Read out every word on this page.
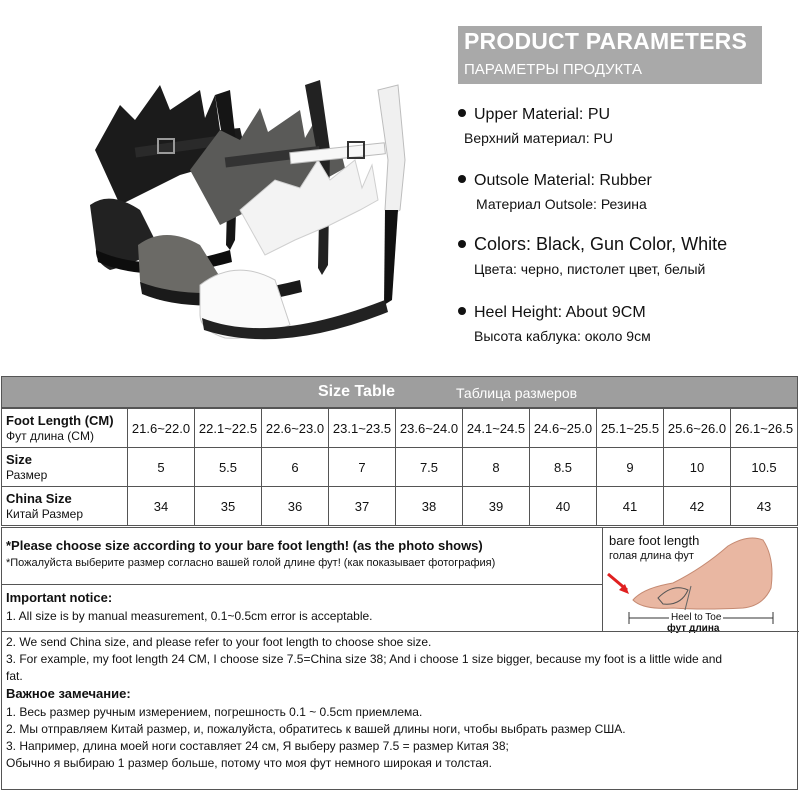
PRODUCT PARAMETERS
ПАРАМЕТРЫ ПРОДУКТА
Upper Material: PU
Верхний материал: PU
Outsole Material: Rubber
Материал Outsole: Резина
Colors: Black, Gun Color, White
Цвета: черно, пистолет цвет, белый
Heel Height: About 9CM
Высота каблука: около 9см
Size Table	Таблица размеров
Foot Length (CM)
Фут длина (CM)	21.6~22.0	22.1~22.5	22.6~23.0	23.1~23.5	23.6~24.0	24.1~24.5	24.6~25.0	25.1~25.5	25.6~26.0	26.1~26.5
Size
Размер	5	5.5	6	7	7.5	8	8.5	9	10	10.5
China Size
Китай Размер	34	35	36	37	38	39	40	41	42	43
*Please choose size according to your bare foot length! (as the photo shows)
*Пожалуйста выберите размер согласно вашей голой длине фут! (как показывает фотография)
Important notice:
1. All size is by manual measurement, 0.1~0.5cm error is acceptable.
bare foot length
голая длина фут
Heel to Toe
фут длина
2. We send China size, and please refer to your foot length to choose shoe size.
3. For example, my foot length 24 CM, I choose size 7.5=China size 38; And i choose 1 size bigger, because my foot is a little wide and
fat.
Важное замечание:
1. Весь размер ручным измерением, погрешность 0.1 ~ 0.5cm приемлема.
2. Мы отправляем Китай размер, и, пожалуйста, обратитесь к вашей длины ноги, чтобы выбрать размер США.
3. Например, длина моей ноги составляет 24 см, Я выберу размер 7.5 = размер Китая 38;
Обычно я выбираю 1 размер больше, потому что моя фут немного широкая и толстая.
